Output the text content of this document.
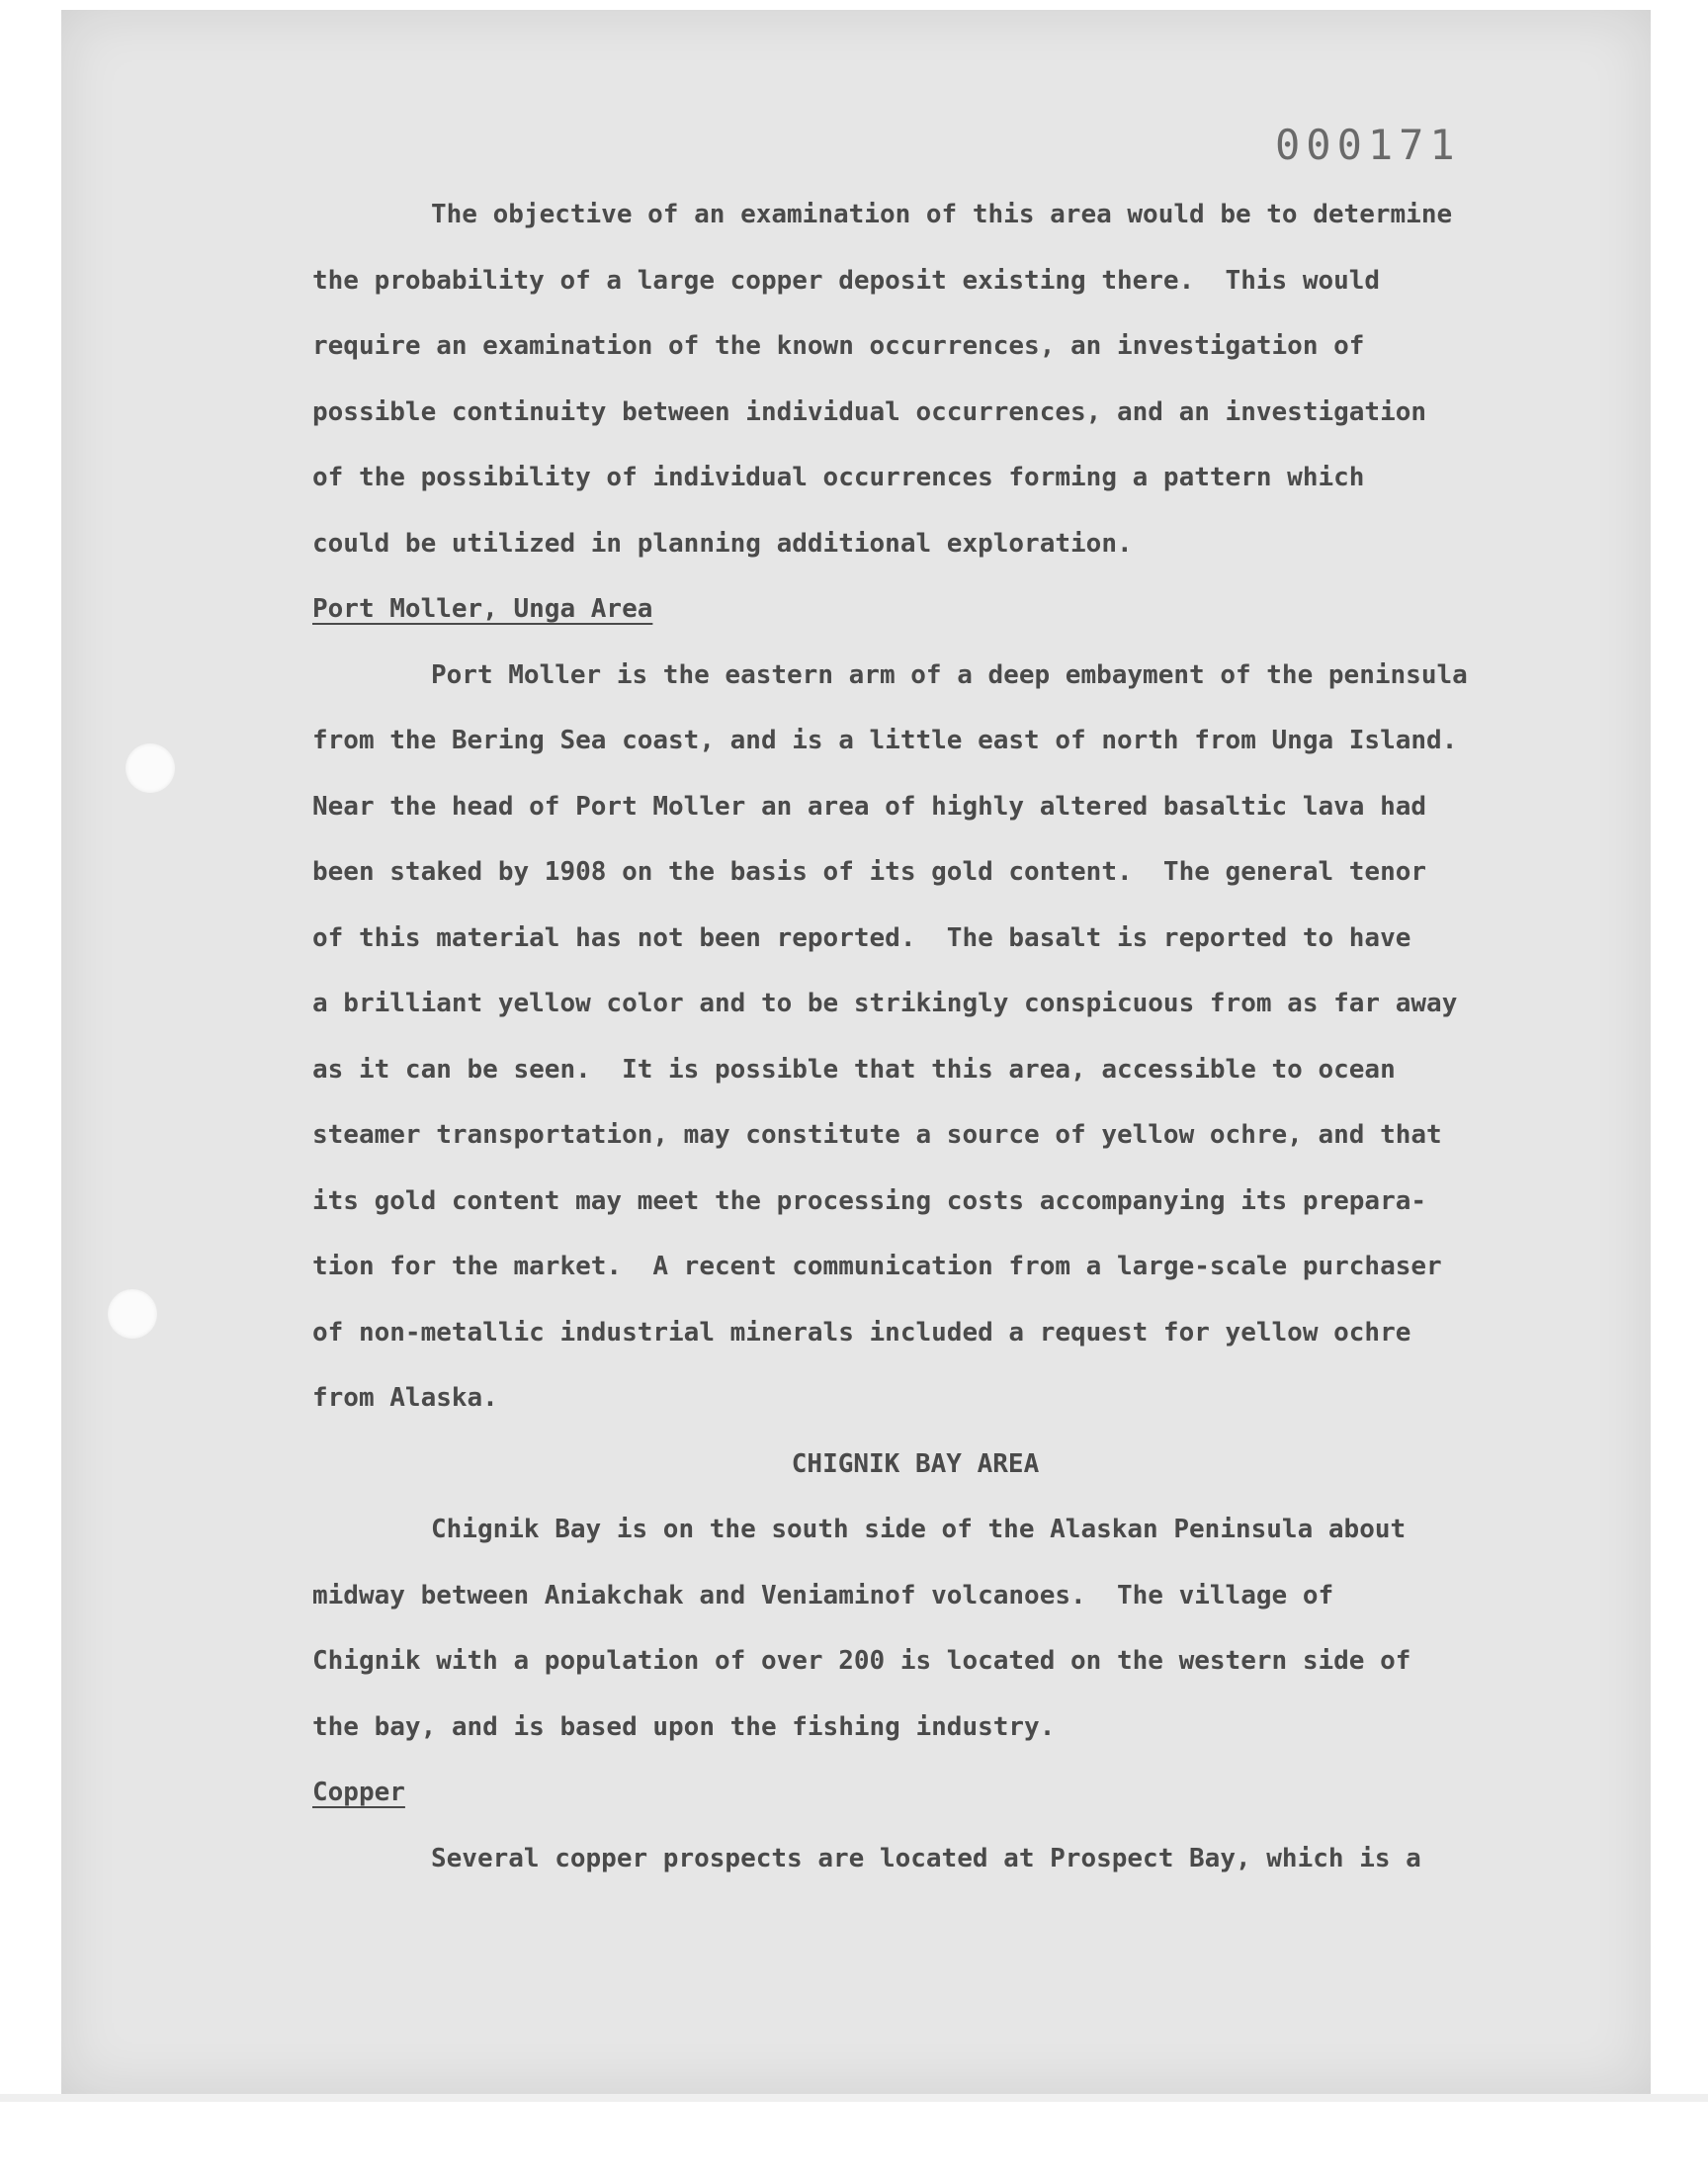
000171
The objective of an examination of this area would be to determine
the probability of a large copper deposit existing there.  This would
require an examination of the known occurrences, an investigation of
possible continuity between individual occurrences, and an investigation
of the possibility of individual occurrences forming a pattern which
could be utilized in planning additional exploration.
Port Moller, Unga Area
Port Moller is the eastern arm of a deep embayment of the peninsula
from the Bering Sea coast, and is a little east of north from Unga Island.
Near the head of Port Moller an area of highly altered basaltic lava had
been staked by 1908 on the basis of its gold content.  The general tenor
of this material has not been reported.  The basalt is reported to have
a brilliant yellow color and to be strikingly conspicuous from as far away
as it can be seen.  It is possible that this area, accessible to ocean
steamer transportation, may constitute a source of yellow ochre, and that
its gold content may meet the processing costs accompanying its prepara-
tion for the market.  A recent communication from a large-scale purchaser
of non-metallic industrial minerals included a request for yellow ochre
from Alaska.
CHIGNIK BAY AREA
Chignik Bay is on the south side of the Alaskan Peninsula about
midway between Aniakchak and Veniaminof volcanoes.  The village of
Chignik with a population of over 200 is located on the western side of
the bay, and is based upon the fishing industry.
Copper
Several copper prospects are located at Prospect Bay, which is a
